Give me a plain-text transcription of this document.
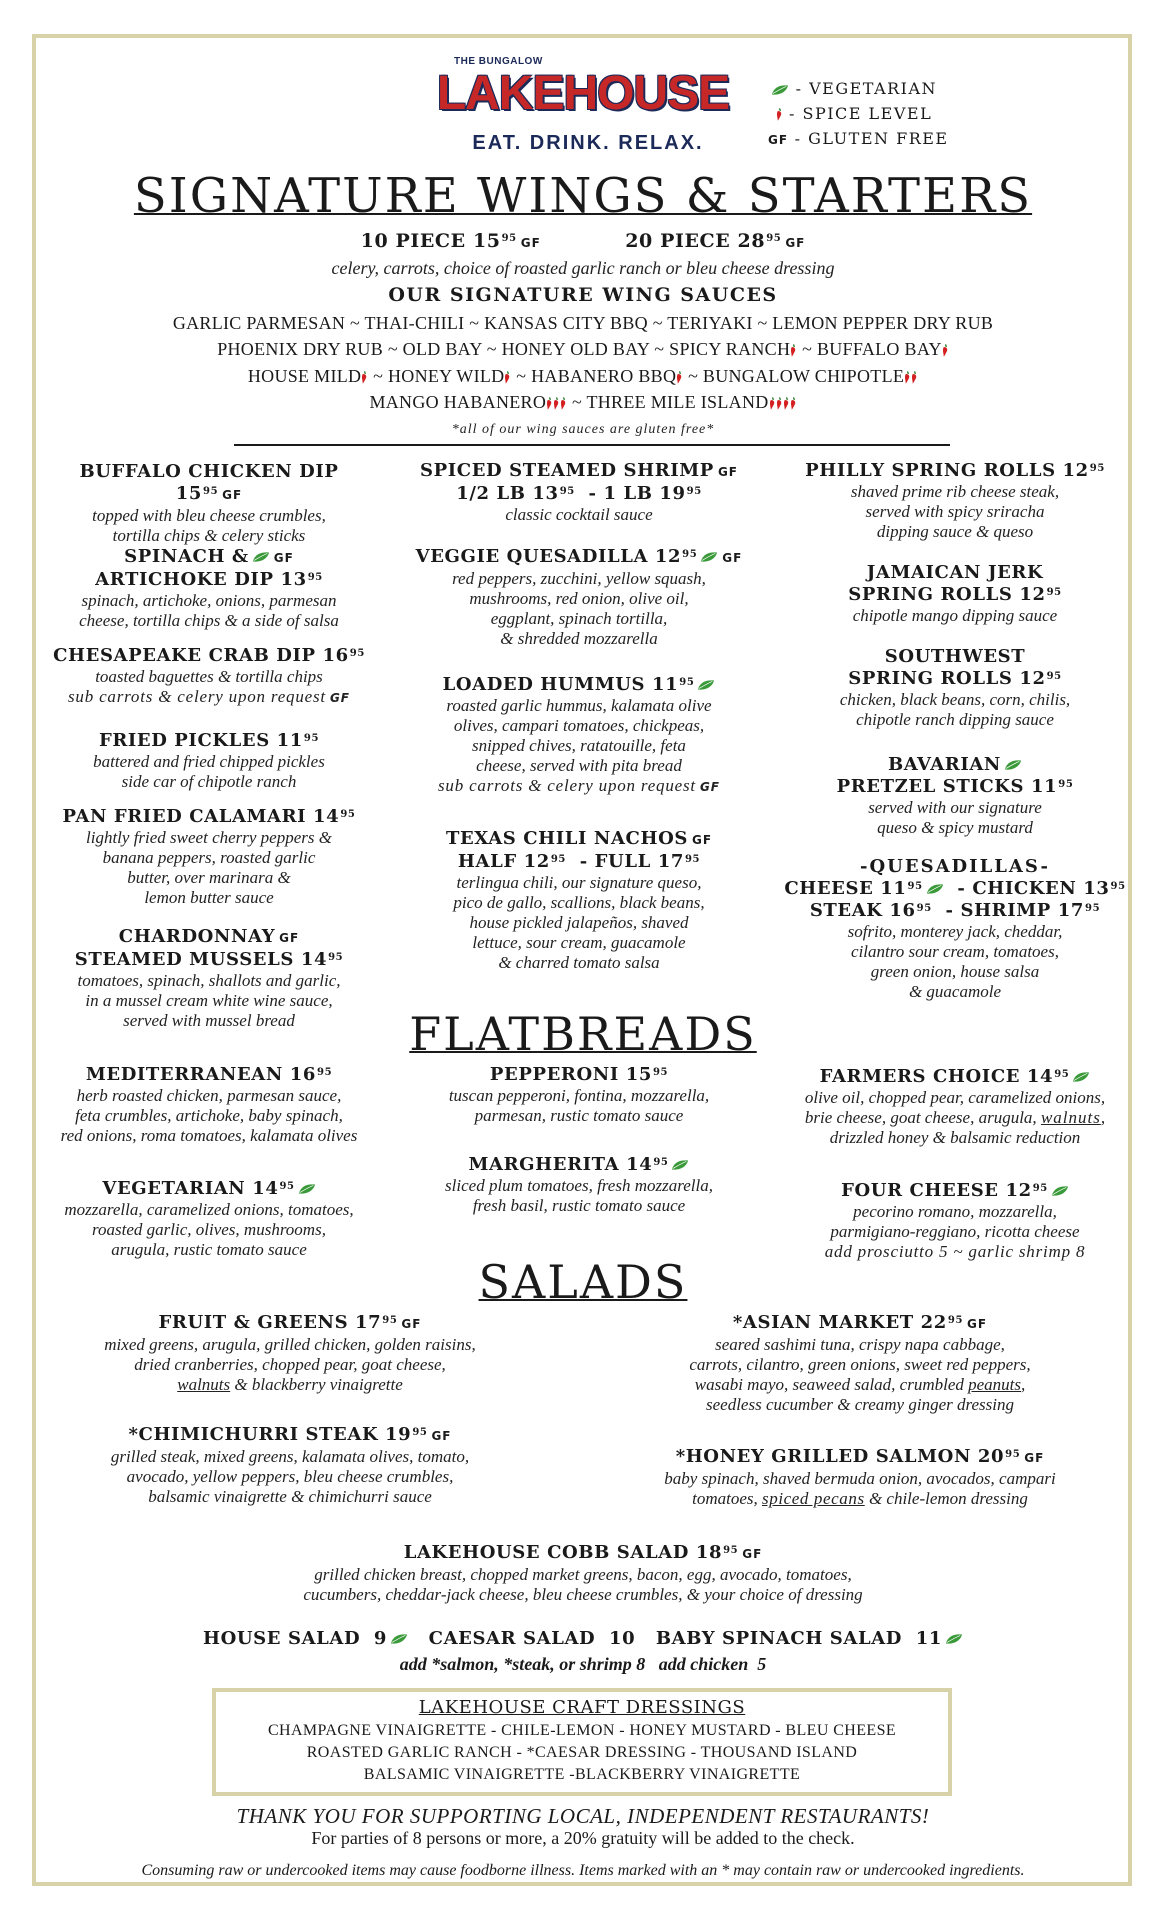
THE BUNGALOW
LAKEHOUSE
EAT. DRINK. RELAX.
- VEGETARIAN
- SPICE LEVEL
GF - GLUTEN FREE
SIGNATURE WINGS & STARTERS
10 PIECE $15^{95}$ GF	20 PIECE $28^{95}$ GF
celery, carrots, choice of roasted garlic ranch or bleu cheese dressing
OUR SIGNATURE WING SAUCES
GARLIC PARMESAN ~ THAI-CHILI ~ KANSAS CITY BBQ ~ TERIYAKI ~ LEMON PEPPER DRY RUB
PHOENIX DRY RUB ~ OLD BAY ~ HONEY OLD BAY ~ SPICY RANCH ~ BUFFALO BAY
HOUSE MILD ~ HONEY WILD ~ HABANERO BBQ ~ BUNGALOW CHIPOTLE
MANGO HABANERO ~ THREE MILE ISLAND
*all of our wing sauces are gluten free*
BUFFALO CHICKEN DIP $15^{95}$ GF
topped with bleu cheese crumbles,
tortilla chips & celery sticks
SPINACH & GF
ARTICHOKE DIP $13^{95}$
spinach, artichoke, onions, parmesan
cheese, tortilla chips & a side of salsa
CHESAPEAKE CRAB DIP $16^{95}$
toasted baguettes & tortilla chips
sub carrots & celery upon request GF
FRIED PICKLES $11^{95}$
battered and fried chipped pickles
side car of chipotle ranch
PAN FRIED CALAMARI $14^{95}$
lightly fried sweet cherry peppers &
banana peppers, roasted garlic
butter, over marinara &
lemon butter sauce
CHARDONNAY GF
STEAMED MUSSELS $14^{95}$
tomatoes, spinach, shallots and garlic,
in a mussel cream white wine sauce,
served with mussel bread
SPICED STEAMED SHRIMP GF
1/2 LB $13^{95} - 1$ LB $19^{95}$
classic cocktail sauce
VEGGIE QUESADILLA $12^{95}$ GF
red peppers, zucchini, yellow squash,
mushrooms, red onion, olive oil,
eggplant, spinach tortilla,
& shredded mozzarella
LOADED HUMMUS $11^{95}$
roasted garlic hummus, kalamata olive
olives, campari tomatoes, chickpeas,
snipped chives, ratatouille, feta
cheese, served with pita bread
sub carrots & celery upon request GF
TEXAS CHILI NACHOS GF
HALF $12^{95}$ - FULL $17^{95}$
terlingua chili, our signature queso,
pico de gallo, scallions, black beans,
house pickled jalapeños, shaved
lettuce, sour cream, guacamole
& charred tomato salsa
PHILLY SPRING ROLLS $12^{95}$
shaved prime rib cheese steak,
served with spicy sriracha
dipping sauce & queso
JAMAICAN JERK
SPRING ROLLS $12^{95}$
chipotle mango dipping sauce
SOUTHWEST
SPRING ROLLS $12^{95}$
chicken, black beans, corn, chilis,
chipotle ranch dipping sauce
BAVARIAN
PRETZEL STICKS $11^{95}$
served with our signature
queso & spicy mustard
-QUESADILLAS-
CHEESE $11^{95}$ - CHICKEN $13^{95}$
STEAK $16^{95}$ - SHRIMP $17^{95}$
sofrito, monterey jack, cheddar,
cilantro sour cream, tomatoes,
green onion, house salsa
& guacamole
FLATBREADS
MEDITERRANEAN $16^{95}$
herb roasted chicken, parmesan sauce,
feta crumbles, artichoke, baby spinach,
red onions, roma tomatoes, kalamata olives
VEGETARIAN $14^{95}$
mozzarella, caramelized onions, tomatoes,
roasted garlic, olives, mushrooms,
arugula, rustic tomato sauce
PEPPERONI $15^{95}$
tuscan pepperoni, fontina, mozzarella,
parmesan, rustic tomato sauce
MARGHERITA $14^{95}$
sliced plum tomatoes, fresh mozzarella,
fresh basil, rustic tomato sauce
FARMERS CHOICE $14^{95}$
olive oil, chopped pear, caramelized onions,
brie cheese, goat cheese, arugula, walnuts,
drizzled honey & balsamic reduction
FOUR CHEESE $12^{95}$
pecorino romano, mozzarella,
parmigiano-reggiano, ricotta cheese
add prosciutto 5 ~ garlic shrimp 8
SALADS
FRUIT & GREENS $17^{95}$ GF
mixed greens, arugula, grilled chicken, golden raisins,
dried cranberries, chopped pear, goat cheese,
walnuts & blackberry vinaigrette
*CHIMICHURRI STEAK $19^{95}$ GF
grilled steak, mixed greens, kalamata olives, tomato,
avocado, yellow peppers, bleu cheese crumbles,
balsamic vinaigrette & chimichurri sauce
*ASIAN MARKET $22^{95}$ GF
seared sashimi tuna, crispy napa cabbage,
carrots, cilantro, green onions, sweet red peppers,
wasabi mayo, seaweed salad, crumbled peanuts,
seedless cucumber & creamy ginger dressing
*HONEY GRILLED SALMON $20^{95}$ GF
baby spinach, shaved bermuda onion, avocados, campari
tomatoes, spiced pecans & chile-lemon dressing
LAKEHOUSE COBB SALAD $18^{95}$ GF
grilled chicken breast, chopped market greens, bacon, egg, avocado, tomatoes,
cucumbers, cheddar-jack cheese, bleu cheese crumbles, & your choice of dressing
HOUSE SALAD  9 CAESAR SALAD  10 BABY SPINACH SALAD  11
add *salmon, *steak, or shrimp 8   add chicken  5
LAKEHOUSE CRAFT DRESSINGS
CHAMPAGNE VINAIGRETTE - CHILE-LEMON - HONEY MUSTARD - BLEU CHEESE
ROASTED GARLIC RANCH - *CAESAR DRESSING - THOUSAND ISLAND
BALSAMIC VINAIGRETTE -BLACKBERRY VINAIGRETTE
THANK YOU FOR SUPPORTING LOCAL, INDEPENDENT RESTAURANTS!
For parties of 8 persons or more, a 20% gratuity will be added to the check.
Consuming raw or undercooked items may cause foodborne illness. Items marked with an * may contain raw or undercooked ingredients.
